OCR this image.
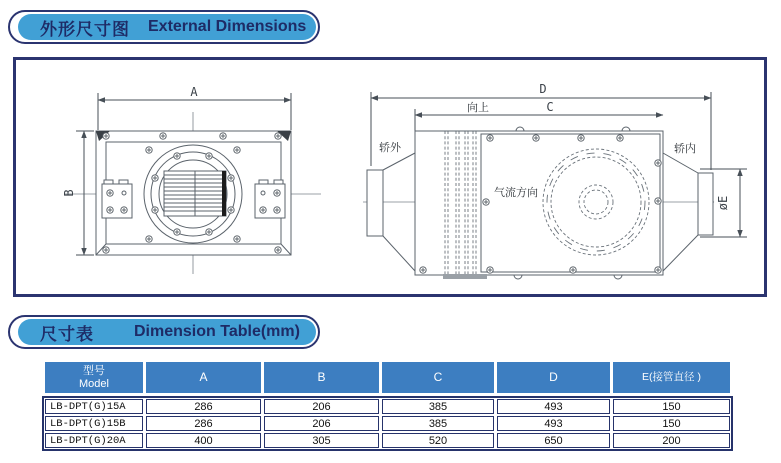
外形尺寸图 External Dimensions
A
B
D
向上	C
轿外	轿内
气流方向
øE
尺寸表	Dimension Table(mm)
型号
Model	A	B	C	D	E(接管直径 )
LB-DPT(G)15A	286	206	385	493	150
LB-DPT(G)15B	286	206	385	493	150
LB-DPT(G)20A	400	305	520	650	200
